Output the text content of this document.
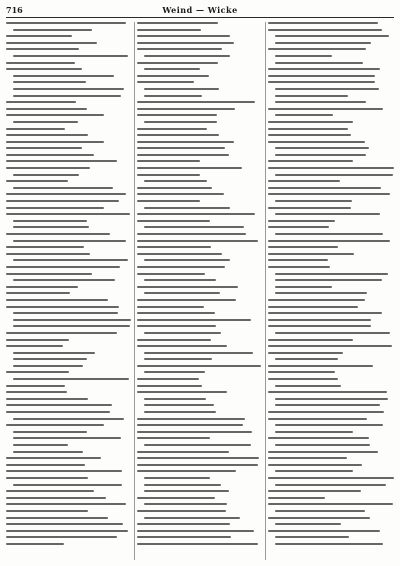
716	Weind — Wicke
